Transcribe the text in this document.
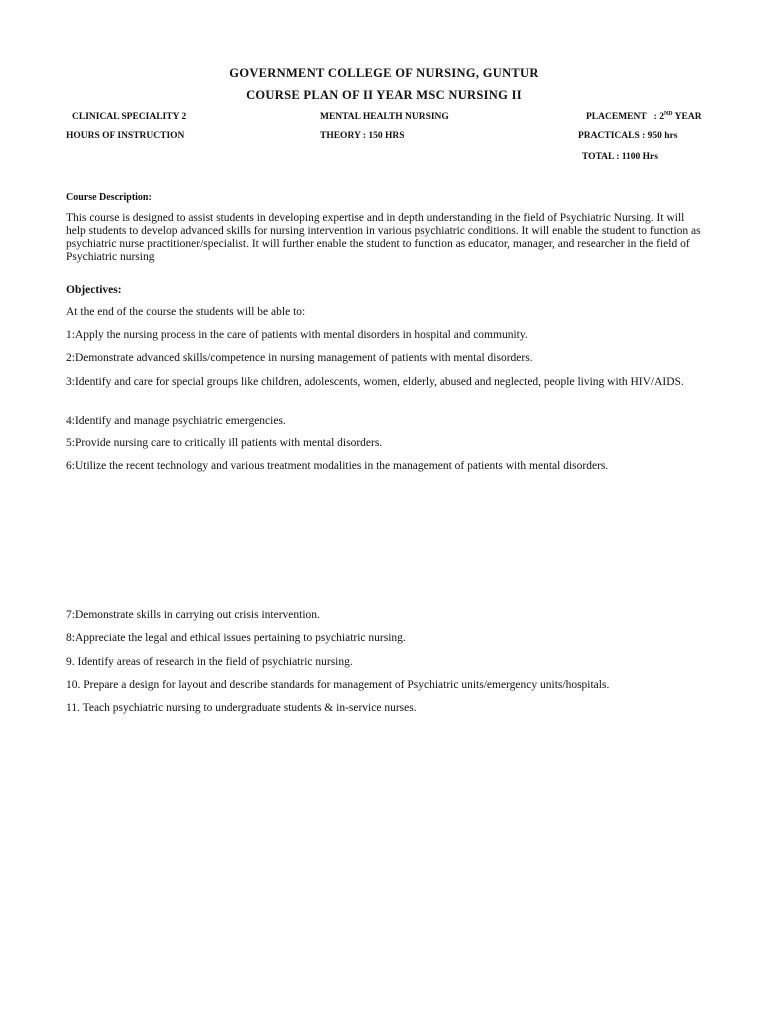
GOVERNMENT COLLEGE OF NURSING, GUNTUR

COURSE PLAN OF II YEAR MSC NURSING II

CLINICAL SPECIALITY 2	MENTAL HEALTH NURSING	PLACEMENT   : 2ND YEAR

HOURS OF INSTRUCTION	THEORY : 150 HRS	PRACTICALS : 950 hrs

TOTAL : 1100 Hrs

Course Description:

This course is designed to assist students in developing expertise and in depth understanding in the field of Psychiatric Nursing. It will help students to develop advanced skills for nursing intervention in various psychiatric conditions. It will enable the student to function as psychiatric nurse practitioner/specialist. It will further enable the student to function as educator, manager, and researcher in the field of Psychiatric nursing

Objectives:

At the end of the course the students will be able to:

1:Apply the nursing process in the care of patients with mental disorders in hospital and community.

2:Demonstrate advanced skills/competence in nursing management of patients with mental disorders.

3:Identify and care for special groups like children, adolescents, women, elderly, abused and neglected, people living with HIV/AIDS.

4:Identify and manage psychiatric emergencies.

5:Provide nursing care to critically ill patients with mental disorders.

6:Utilize the recent technology and various treatment modalities in the management of patients with mental disorders.

7:Demonstrate skills in carrying out crisis intervention.

8:Appreciate the legal and ethical issues pertaining to psychiatric nursing.

9. Identify areas of research in the field of psychiatric nursing.

10. Prepare a design for layout and describe standards for management of Psychiatric units/emergency units/hospitals.

11. Teach psychiatric nursing to undergraduate students & in-service nurses.
